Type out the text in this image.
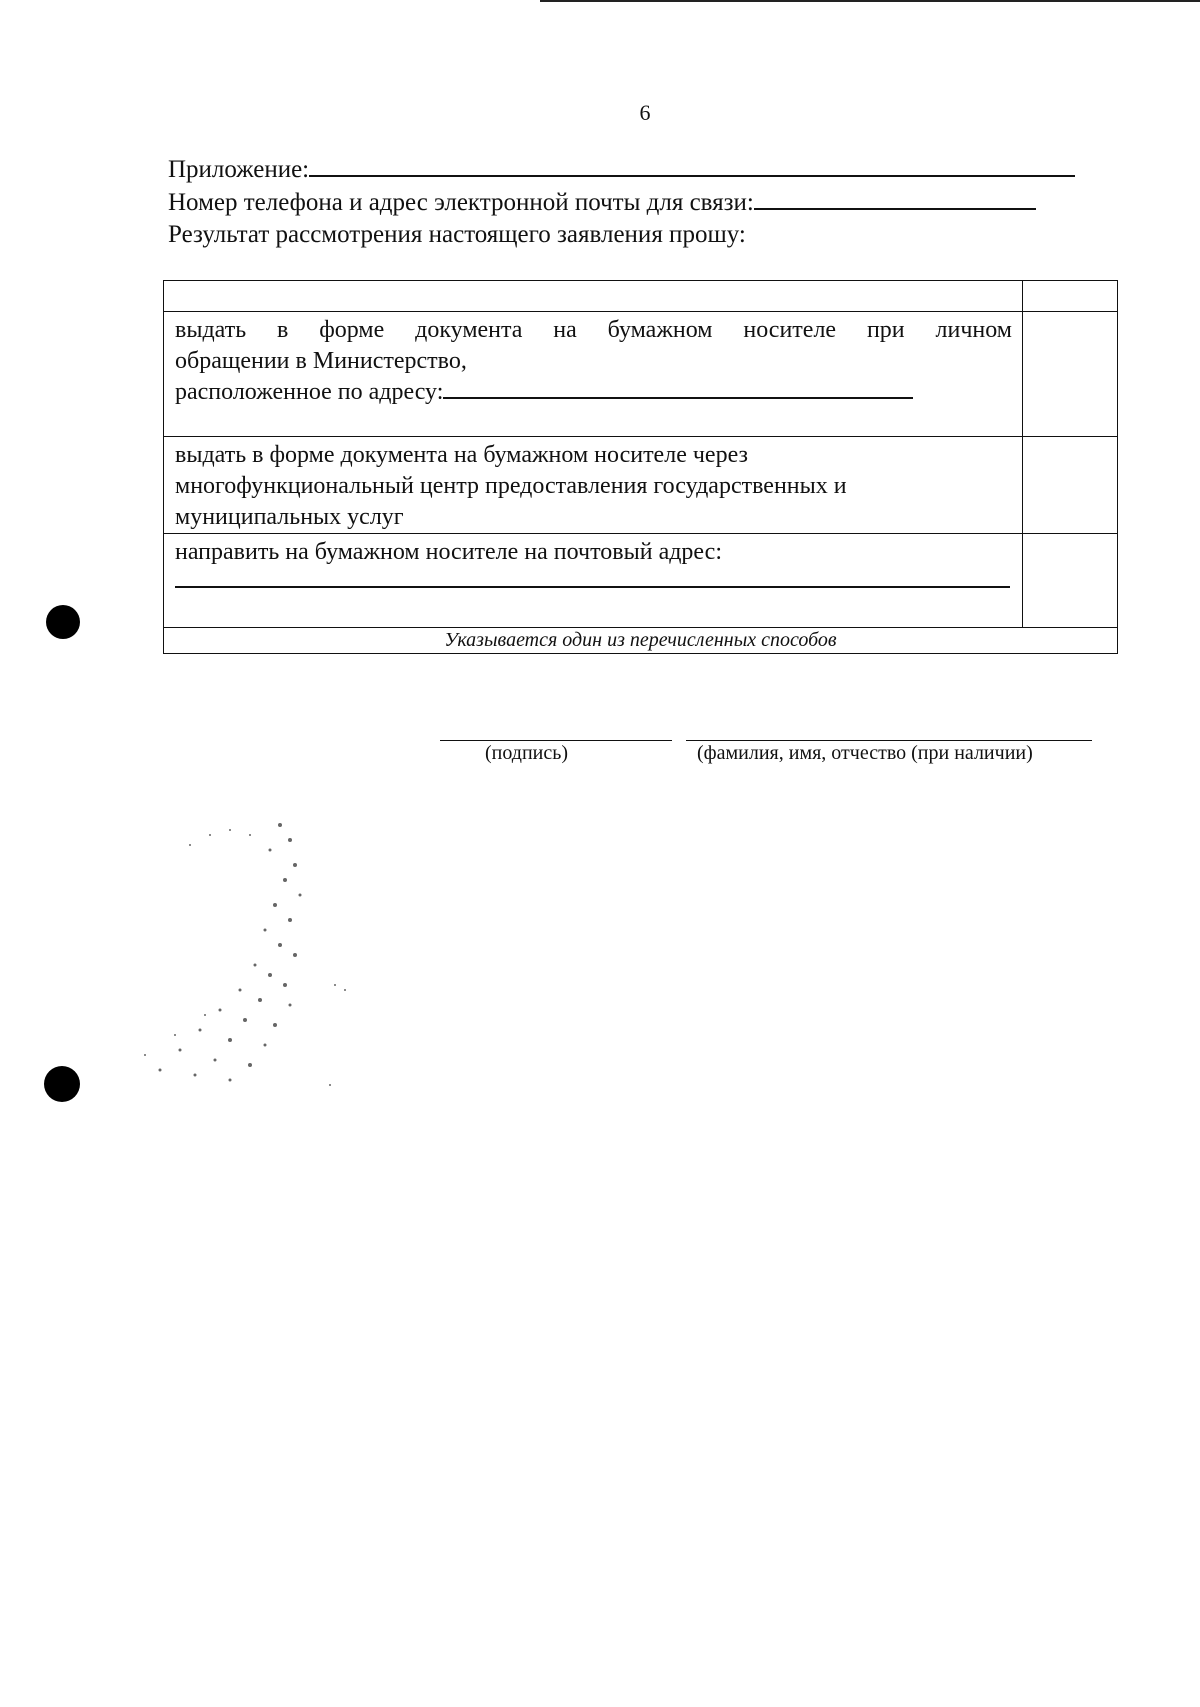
6
Приложение:
Номер телефона и адрес электронной почты для связи:
Результат рассмотрения настоящего заявления прошу:

выдать в форме документа на бумажном носителе при личном
обращении в Министерство,
расположенное по адресу:	

выдать в форме документа на бумажном носителе через
многофункциональный центр предоставления государственных и
муниципальных услуг	

направить на бумажном носителе на почтовый адрес:	

Указывается один из перечисленных способов	
(подпись)	(фамилия, имя, отчество (при наличии)
